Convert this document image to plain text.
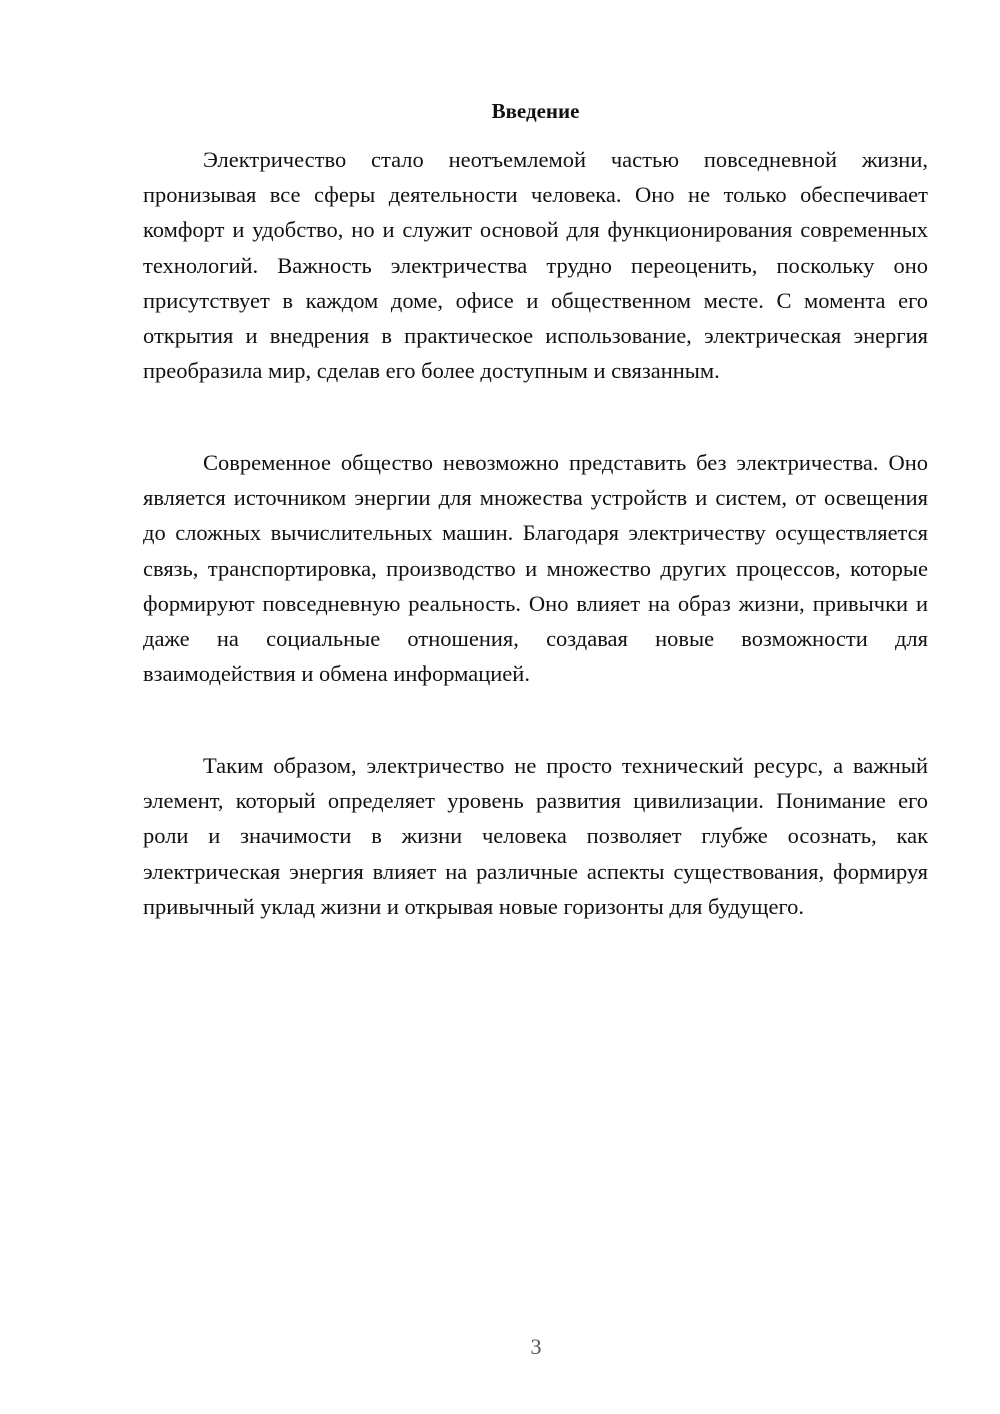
Введение

Электричество стало неотъемлемой частью повседневной жизни, пронизывая все сферы деятельности человека. Оно не только обеспечивает комфорт и удобство, но и служит основой для функционирования современных технологий. Важность электричества трудно переоценить, поскольку оно присутствует в каждом доме, офисе и общественном месте. С момента его открытия и внедрения в практическое использование, электрическая энергия преобразила мир, сделав его более доступным и связанным.

Современное общество невозможно представить без электричества. Оно является источником энергии для множества устройств и систем, от освещения до сложных вычислительных машин. Благодаря электричеству осуществляется связь, транспортировка, производство и множество других процессов, которые формируют повседневную реальность. Оно влияет на образ жизни, привычки и даже на социальные отношения, создавая новые возможности для взаимодействия и обмена информацией.

Таким образом, электричество не просто технический ресурс, а важный элемент, который определяет уровень развития цивилизации. Понимание его роли и значимости в жизни человека позволяет глубже осознать, как электрическая энергия влияет на различные аспекты существования, формируя привычный уклад жизни и открывая новые горизонты для будущего.

3
